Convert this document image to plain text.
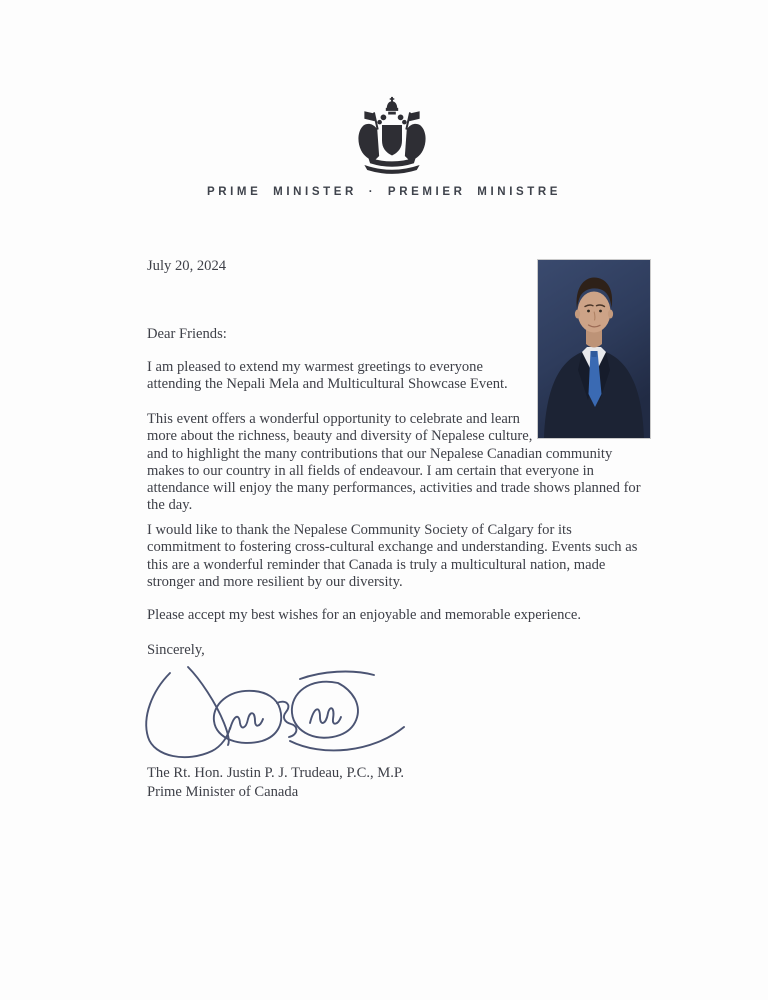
PRIME MINISTER · PREMIER MINISTRE
July 20, 2024
Dear Friends:
I am pleased to extend my warmest greetings to everyone
attending the Nepali Mela and Multicultural Showcase Event.
This event offers a wonderful opportunity to celebrate and learn
more about the richness, beauty and diversity of Nepalese culture,
and to highlight the many contributions that our Nepalese Canadian community
makes to our country in all fields of endeavour. I am certain that everyone in
attendance will enjoy the many performances, activities and trade shows planned for
the day.
I would like to thank the Nepalese Community Society of Calgary for its
commitment to fostering cross-cultural exchange and understanding. Events such as
this are a wonderful reminder that Canada is truly a multicultural nation, made
stronger and more resilient by our diversity.
Please accept my best wishes for an enjoyable and memorable experience.
Sincerely,
The Rt. Hon. Justin P. J. Trudeau, P.C., M.P.
Prime Minister of Canada
